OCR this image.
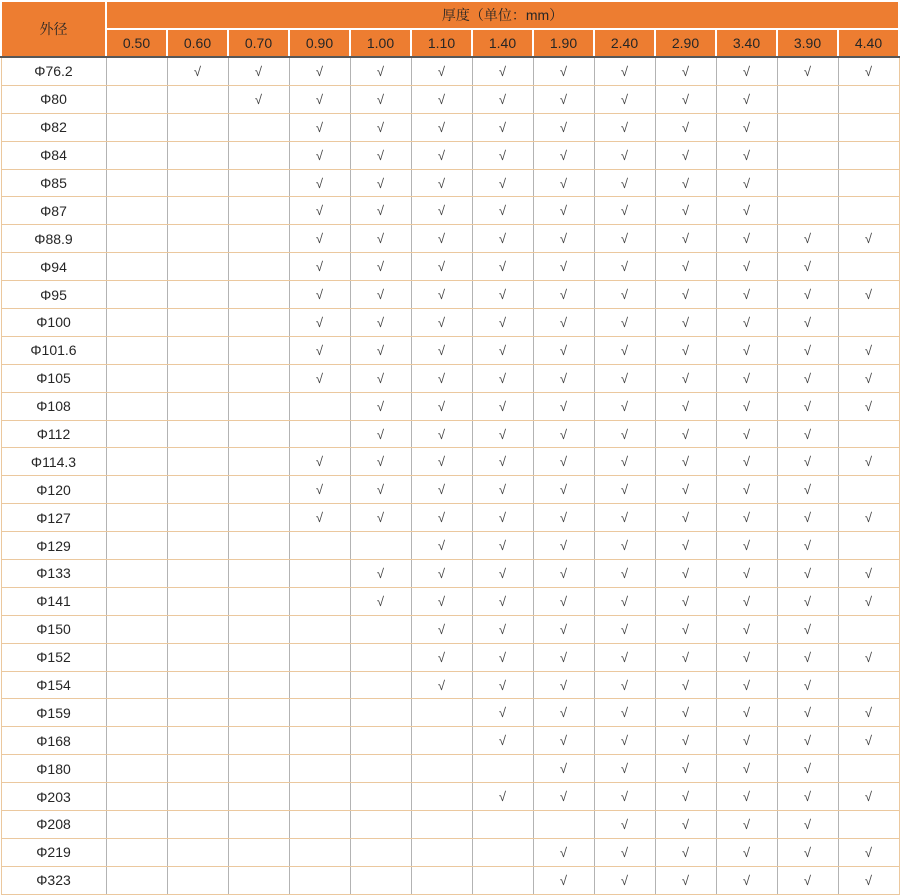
外径	厚度（单位：mm）												
	0.50	0.60	0.70	0.90	1.00	1.10	1.40	1.90	2.40	2.90	3.40	3.90	4.40
Φ76.2		√	√	√	√	√	√	√	√	√	√	√	√
Φ80			√	√	√	√	√	√	√	√	√		
Φ82				√	√	√	√	√	√	√	√		
Φ84				√	√	√	√	√	√	√	√		
Φ85				√	√	√	√	√	√	√	√		
Φ87				√	√	√	√	√	√	√	√		
Φ88.9				√	√	√	√	√	√	√	√	√	√
Φ94				√	√	√	√	√	√	√	√	√	
Φ95				√	√	√	√	√	√	√	√	√	√
Φ100				√	√	√	√	√	√	√	√	√	
Φ101.6				√	√	√	√	√	√	√	√	√	√
Φ105				√	√	√	√	√	√	√	√	√	√
Φ108					√	√	√	√	√	√	√	√	√
Φ112					√	√	√	√	√	√	√	√	
Φ114.3				√	√	√	√	√	√	√	√	√	√
Φ120				√	√	√	√	√	√	√	√	√	
Φ127				√	√	√	√	√	√	√	√	√	√
Φ129						√	√	√	√	√	√	√	
Φ133					√	√	√	√	√	√	√	√	√
Φ141					√	√	√	√	√	√	√	√	√
Φ150						√	√	√	√	√	√	√	
Φ152						√	√	√	√	√	√	√	√
Φ154						√	√	√	√	√	√	√	
Φ159							√	√	√	√	√	√	√
Φ168							√	√	√	√	√	√	√
Φ180								√	√	√	√	√	
Φ203							√	√	√	√	√	√	√
Φ208									√	√	√	√	
Φ219								√	√	√	√	√	√
Φ323								√	√	√	√	√	√
